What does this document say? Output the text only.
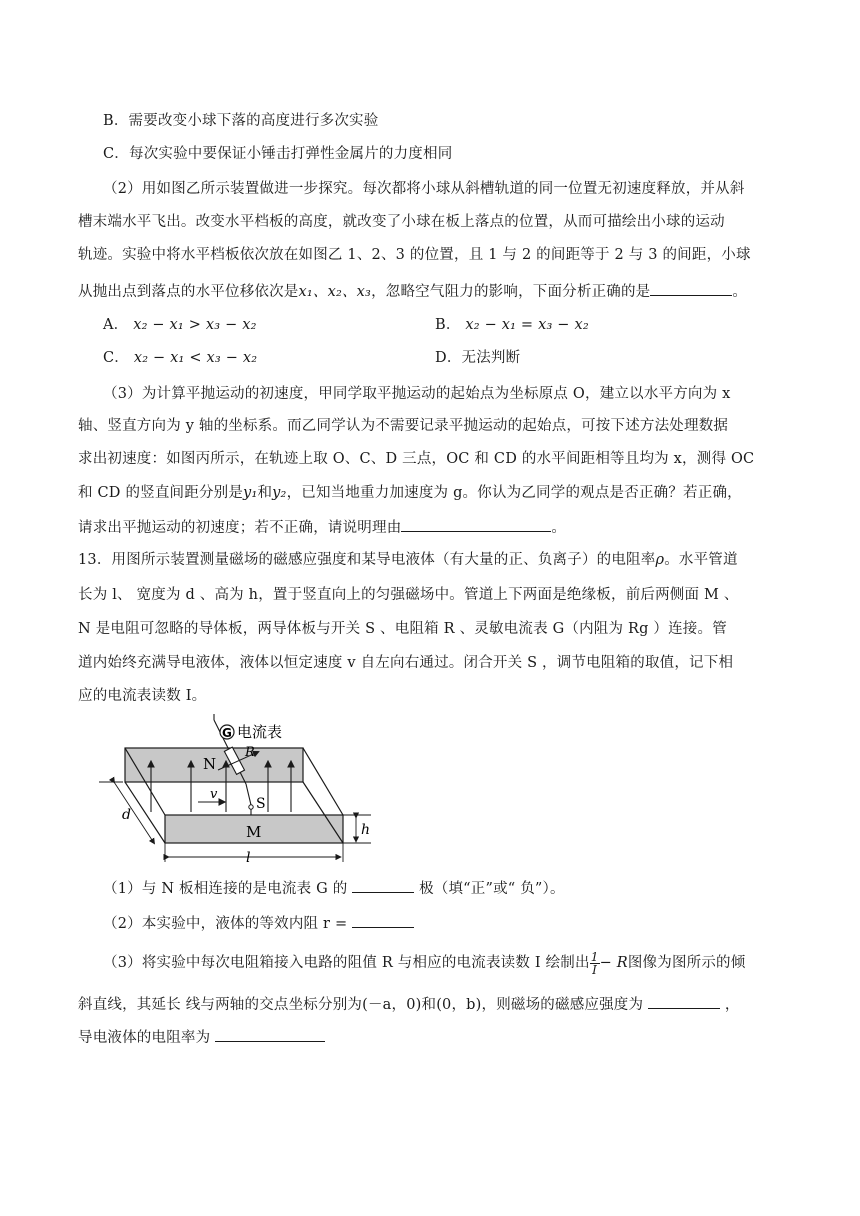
B．需要改变小球下落的高度进行多次实验
C．每次实验中要保证小锤击打弹性金属片的力度相同
（2）用如图乙所示装置做进一步探究。每次都将小球从斜槽轨道的同一位置无初速度释放，并从斜
槽末端水平飞出。改变水平档板的高度，就改变了小球在板上落点的位置，从而可描绘出小球的运动
轨迹。实验中将水平档板依次放在如图乙 1、2、3 的位置，且 1 与 2 的间距等于 2 与 3 的间距，小球
从抛出点到落点的水平位移依次是x₁、x₂、x₃，忽略空气阻力的影响，下面分析正确的是	。
A． x₂ − x₁ > x₃ − x₂	B． x₂ − x₁ = x₃ − x₂
C． x₂ − x₁ < x₃ − x₂	D．无法判断
（3）为计算平抛运动的初速度，甲同学取平抛运动的起始点为坐标原点 O，建立以水平方向为 x
轴、竖直方向为 y 轴的坐标系。而乙同学认为不需要记录平抛运动的起始点，可按下述方法处理数据
求出初速度：如图丙所示，在轨迹上取 O、C、D 三点，OC 和 CD 的水平间距相等且均为 x，测得 OC
和 CD 的竖直间距分别是y₁和y₂，已知当地重力加速度为 g。你认为乙同学的观点是否正确？若正确，
请求出平抛运动的初速度；若不正确，请说明理由	。
13．用图所示装置测量磁场的磁感应强度和某导电液体（有大量的正、负离子）的电阻率ρ。水平管道
长为 l、 宽度为 d 、高为 h，置于竖直向上的匀强磁场中。管道上下两面是绝缘板，前后两侧面 M 、
N 是电阻可忽略的导体板，两导体板与开关 S 、电阻箱 R 、灵敏电流表 G（内阻为 Rg ）连接。管
道内始终充满导电液体，液体以恒定速度 v 自左向右通过。闭合开关 S ，调节电阻箱的取值，记下相
应的电流表读数 I。
v
G 电流表
R
N
S
M
d
h
l
（1）与 N 板相连接的是电流表 G 的	极（填“正”或“ 负”）。
（2）本实验中，液体的等效内阻 r =
（3）将实验中每次电阻箱接入电路的阻值 R 与相应的电流表读数 I 绘制出 $\frac{1}{I} - R$图像为图所示的倾
斜直线，其延长 线与两轴的交点坐标分别为(－a，0)和(0，b)，则磁场的磁感应强度为	，
导电液体的电阻率为
